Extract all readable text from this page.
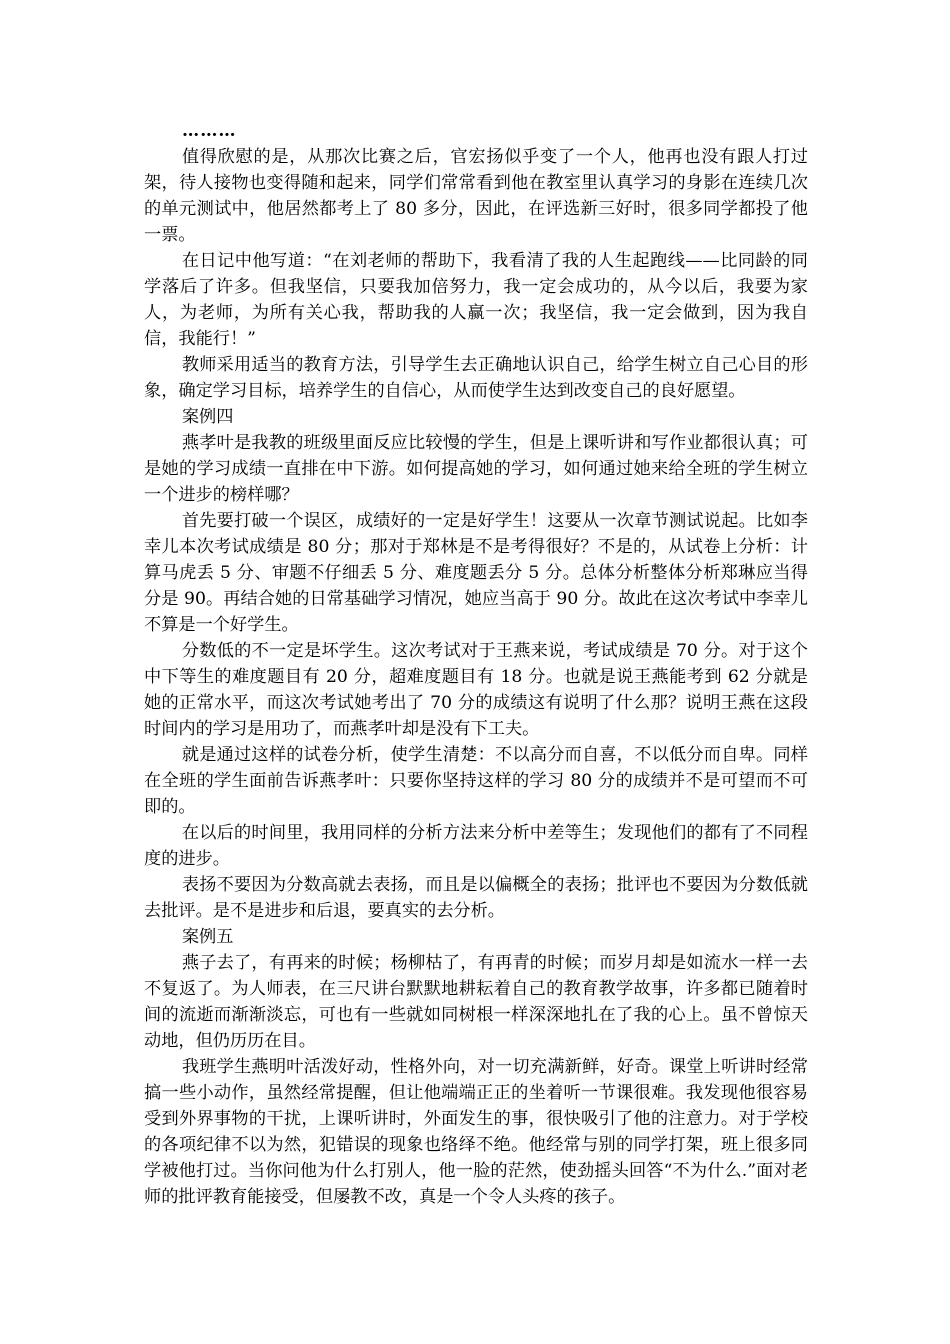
………

值得欣慰的是，从那次比赛之后，官宏扬似乎变了一个人，他再也没有跟人打过架，待人接物也变得随和起来，同学们常常看到他在教室里认真学习的身影在连续几次的单元测试中，他居然都考上了 80 多分，因此，在评选新三好时，很多同学都投了他一票。

在日记中他写道：“在刘老师的帮助下，我看清了我的人生起跑线——比同龄的同学落后了许多。但我坚信，只要我加倍努力，我一定会成功的，从今以后，我要为家人，为老师，为所有关心我，帮助我的人赢一次；我坚信，我一定会做到，因为我自信，我能行！”

教师采用适当的教育方法，引导学生去正确地认识自己，给学生树立自己心目的形象，确定学习目标，培养学生的自信心，从而使学生达到改变自己的良好愿望。

案例四

燕孝叶是我教的班级里面反应比较慢的学生，但是上课听讲和写作业都很认真；可是她的学习成绩一直排在中下游。如何提高她的学习，如何通过她来给全班的学生树立一个进步的榜样哪？

首先要打破一个误区，成绩好的一定是好学生！这要从一次章节测试说起。比如李幸儿本次考试成绩是 80 分；那对于郑林是不是考得很好？不是的，从试卷上分析：计算马虎丢 5 分、审题不仔细丢 5 分、难度题丢分 5 分。总体分析整体分析郑琳应当得分是 90。再结合她的日常基础学习情况，她应当高于 90 分。故此在这次考试中李幸儿不算是一个好学生。

分数低的不一定是坏学生。这次考试对于王燕来说，考试成绩是 70 分。对于这个中下等生的难度题目有 20 分，超难度题目有 18 分。也就是说王燕能考到 62 分就是她的正常水平，而这次考试她考出了 70 分的成绩这有说明了什么那？说明王燕在这段时间内的学习是用功了，而燕孝叶却是没有下工夫。

就是通过这样的试卷分析，使学生清楚：不以高分而自喜，不以低分而自卑。同样在全班的学生面前告诉燕孝叶：只要你坚持这样的学习 80 分的成绩并不是可望而不可即的。

在以后的时间里，我用同样的分析方法来分析中差等生；发现他们的都有了不同程度的进步。

表扬不要因为分数高就去表扬，而且是以偏概全的表扬；批评也不要因为分数低就去批评。是不是进步和后退，要真实的去分析。

案例五

燕子去了，有再来的时候；杨柳枯了，有再青的时候；而岁月却是如流水一样一去不复返了。为人师表，在三尺讲台默默地耕耘着自己的教育教学故事，许多都已随着时间的流逝而渐渐淡忘，可也有一些就如同树根一样深深地扎在了我的心上。虽不曾惊天动地，但仍历历在目。

我班学生燕明叶活泼好动，性格外向，对一切充满新鲜，好奇。课堂上听讲时经常搞一些小动作，虽然经常提醒，但让他端端正正的坐着听一节课很难。我发现他很容易受到外界事物的干扰，上课听讲时，外面发生的事，很快吸引了他的注意力。对于学校的各项纪律不以为然，犯错误的现象也络绎不绝。他经常与别的同学打架，班上很多同学被他打过。当你问他为什么打别人，他一脸的茫然，使劲摇头回答“不为什么.”面对老师的批评教育能接受，但屡教不改，真是一个令人头疼的孩子。
